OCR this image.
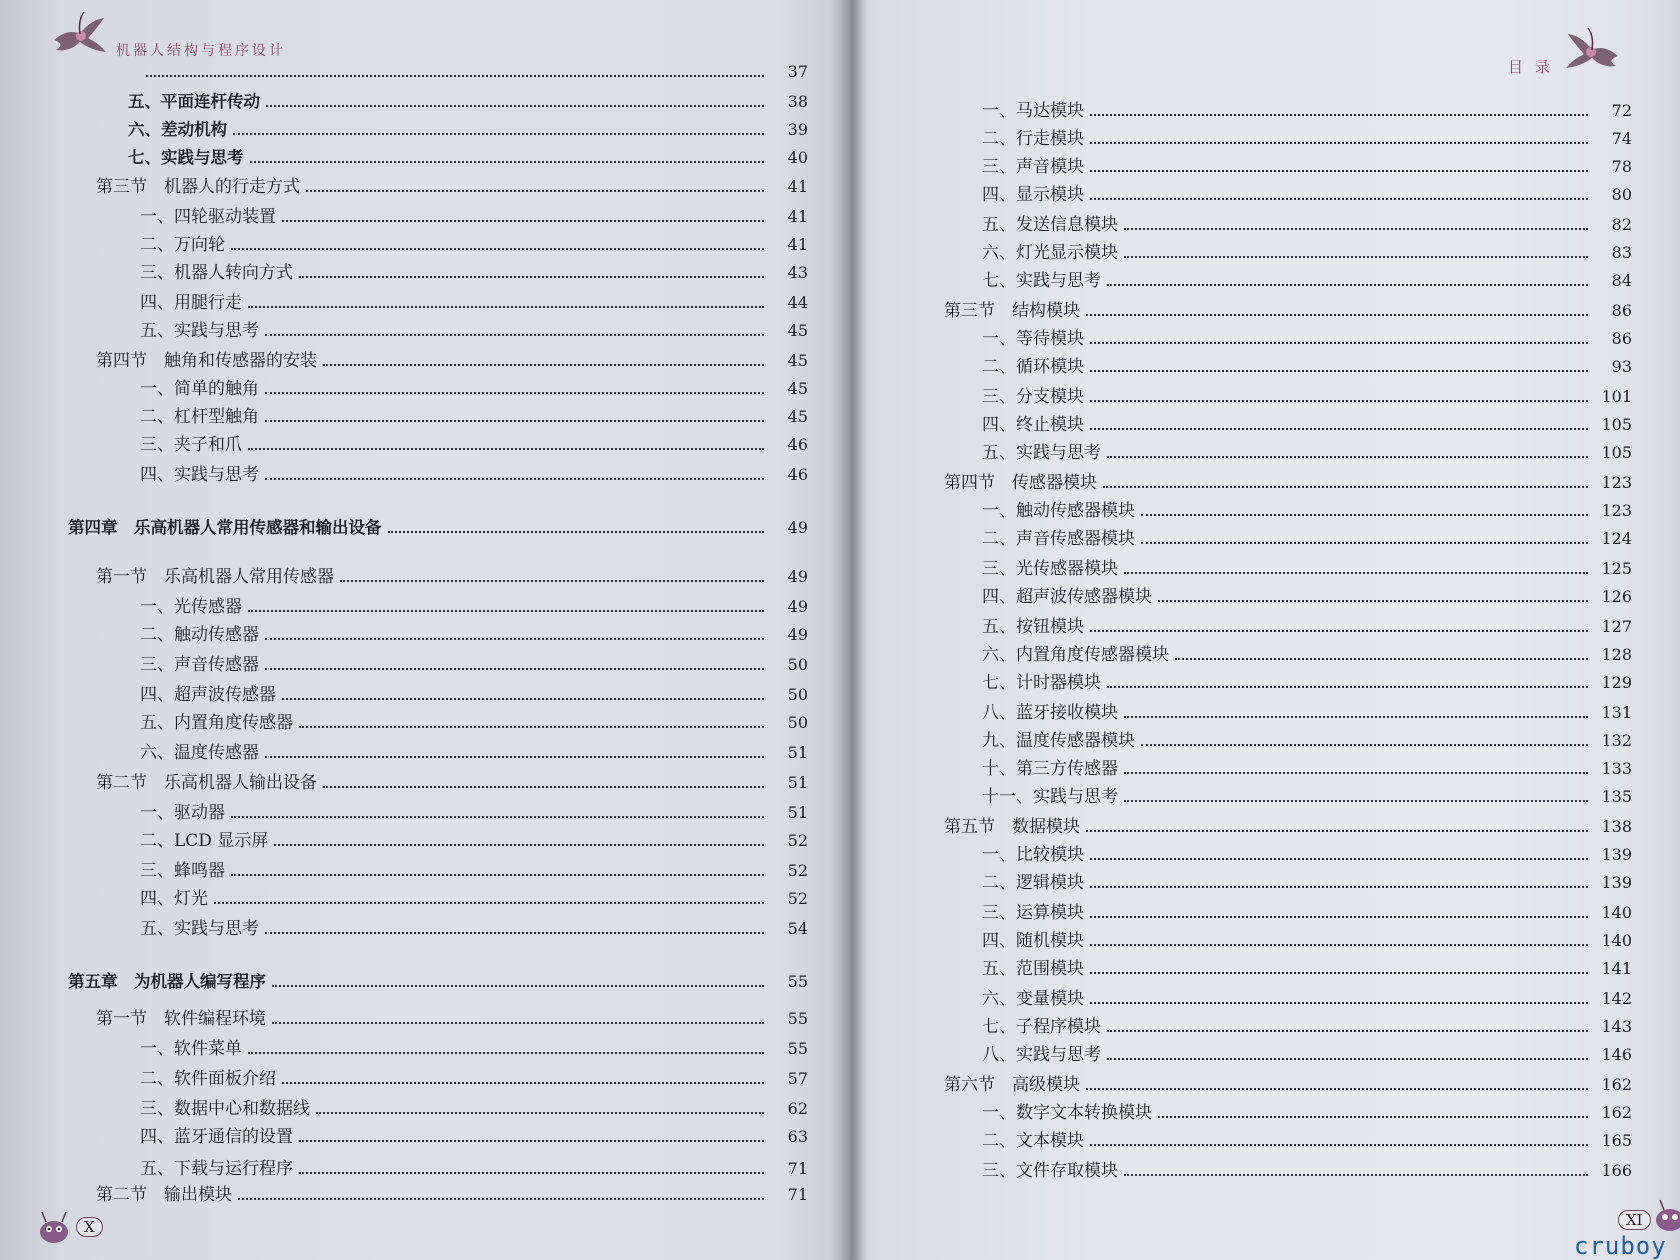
机器人结构与程序设计
目录
X	XI
cruboy
37
五、平面连杆传动	38
六、差动机构	39
七、实践与思考	40
第三节　机器人的行走方式	41
一、四轮驱动装置	41
二、万向轮	41
三、机器人转向方式	43
四、用腿行走	44
五、实践与思考	45
第四节　触角和传感器的安装	45
一、简单的触角	45
二、杠杆型触角	45
三、夹子和爪	46
四、实践与思考	46
第四章　乐高机器人常用传感器和输出设备	49
第一节　乐高机器人常用传感器	49
一、光传感器	49
二、触动传感器	49
三、声音传感器	50
四、超声波传感器	50
五、内置角度传感器	50
六、温度传感器	51
第二节　乐高机器人输出设备	51
一、驱动器	51
二、LCD 显示屏	52
三、蜂鸣器	52
四、灯光	52
五、实践与思考	54
第五章　为机器人编写程序	55
第一节　软件编程环境	55
一、软件菜单	55
二、软件面板介绍	57
三、数据中心和数据线	62
四、蓝牙通信的设置	63
五、下载与运行程序	71
第二节　输出模块	71
一、马达模块	72
二、行走模块	74
三、声音模块	78
四、显示模块	80
五、发送信息模块	82
六、灯光显示模块	83
七、实践与思考	84
第三节　结构模块	86
一、等待模块	86
二、循环模块	93
三、分支模块	101
四、终止模块	105
五、实践与思考	105
第四节　传感器模块	123
一、触动传感器模块	123
二、声音传感器模块	124
三、光传感器模块	125
四、超声波传感器模块	126
五、按钮模块	127
六、内置角度传感器模块	128
七、计时器模块	129
八、蓝牙接收模块	131
九、温度传感器模块	132
十、第三方传感器	133
十一、实践与思考	135
第五节　数据模块	138
一、比较模块	139
二、逻辑模块	139
三、运算模块	140
四、随机模块	140
五、范围模块	141
六、变量模块	142
七、子程序模块	143
八、实践与思考	146
第六节　高级模块	162
一、数字文本转换模块	162
二、文本模块	165
三、文件存取模块	166
